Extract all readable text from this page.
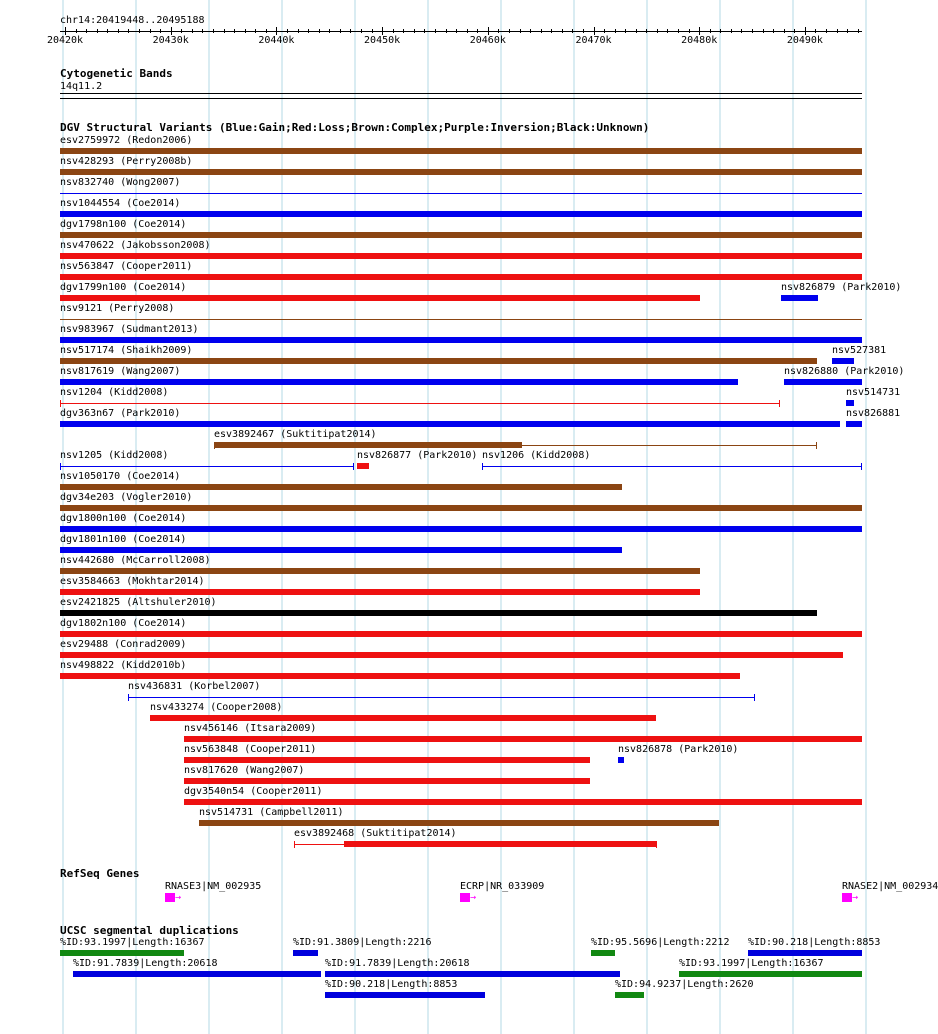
chr14:20419448..20495188
20420k	20430k	20440k	20450k	20460k	20470k	20480k	20490k
Cytogenetic Bands
14q11.2
DGV Structural Variants (Blue:Gain;Red:Loss;Brown:Complex;Purple:Inversion;Black:Unknown)
esv2759972 (Redon2006)
nsv428293 (Perry2008b)
nsv832740 (Wong2007)
nsv1044554 (Coe2014)
dgv1798n100 (Coe2014)
nsv470622 (Jakobsson2008)
nsv563847 (Cooper2011)
dgv1799n100 (Coe2014)	nsv826879 (Park2010)
nsv9121 (Perry2008)
nsv983967 (Sudmant2013)
nsv517174 (Shaikh2009)	nsv527381
nsv817619 (Wang2007)	nsv826880 (Park2010)
nsv1204 (Kidd2008)	nsv514731
dgv363n67 (Park2010)	nsv826881
esv3892467 (Suktitipat2014)
nsv1205 (Kidd2008)	nsv826877 (Park2010) nsv1206 (Kidd2008)
nsv1050170 (Coe2014)
dgv34e203 (Vogler2010)
dgv1800n100 (Coe2014)
dgv1801n100 (Coe2014)
nsv442680 (McCarroll2008)
esv3584663 (Mokhtar2014)
esv2421825 (Altshuler2010)
dgv1802n100 (Coe2014)
esv29488 (Conrad2009)
nsv498822 (Kidd2010b)
nsv436831 (Korbel2007)
nsv433274 (Cooper2008)
nsv456146 (Itsara2009)
nsv563848 (Cooper2011)	nsv826878 (Park2010)
nsv817620 (Wang2007)
dgv3540n54 (Cooper2011)
nsv514731 (Campbell2011)
esv3892468 (Suktitipat2014)
RefSeq Genes
RNASE3|NM_002935
→
ECRP|NR_033909
→
RNASE2|NM_002934
→
UCSC segmental duplications
%ID:93.1997|Length:16367	%ID:91.3809|Length:2216	%ID:95.5696|Length:2212 %ID:90.218|Length:8853
%ID:91.7839|Length:20618	%ID:91.7839|Length:20618	%ID:93.1997|Length:16367
%ID:90.218|Length:8853	%ID:94.9237|Length:2620
